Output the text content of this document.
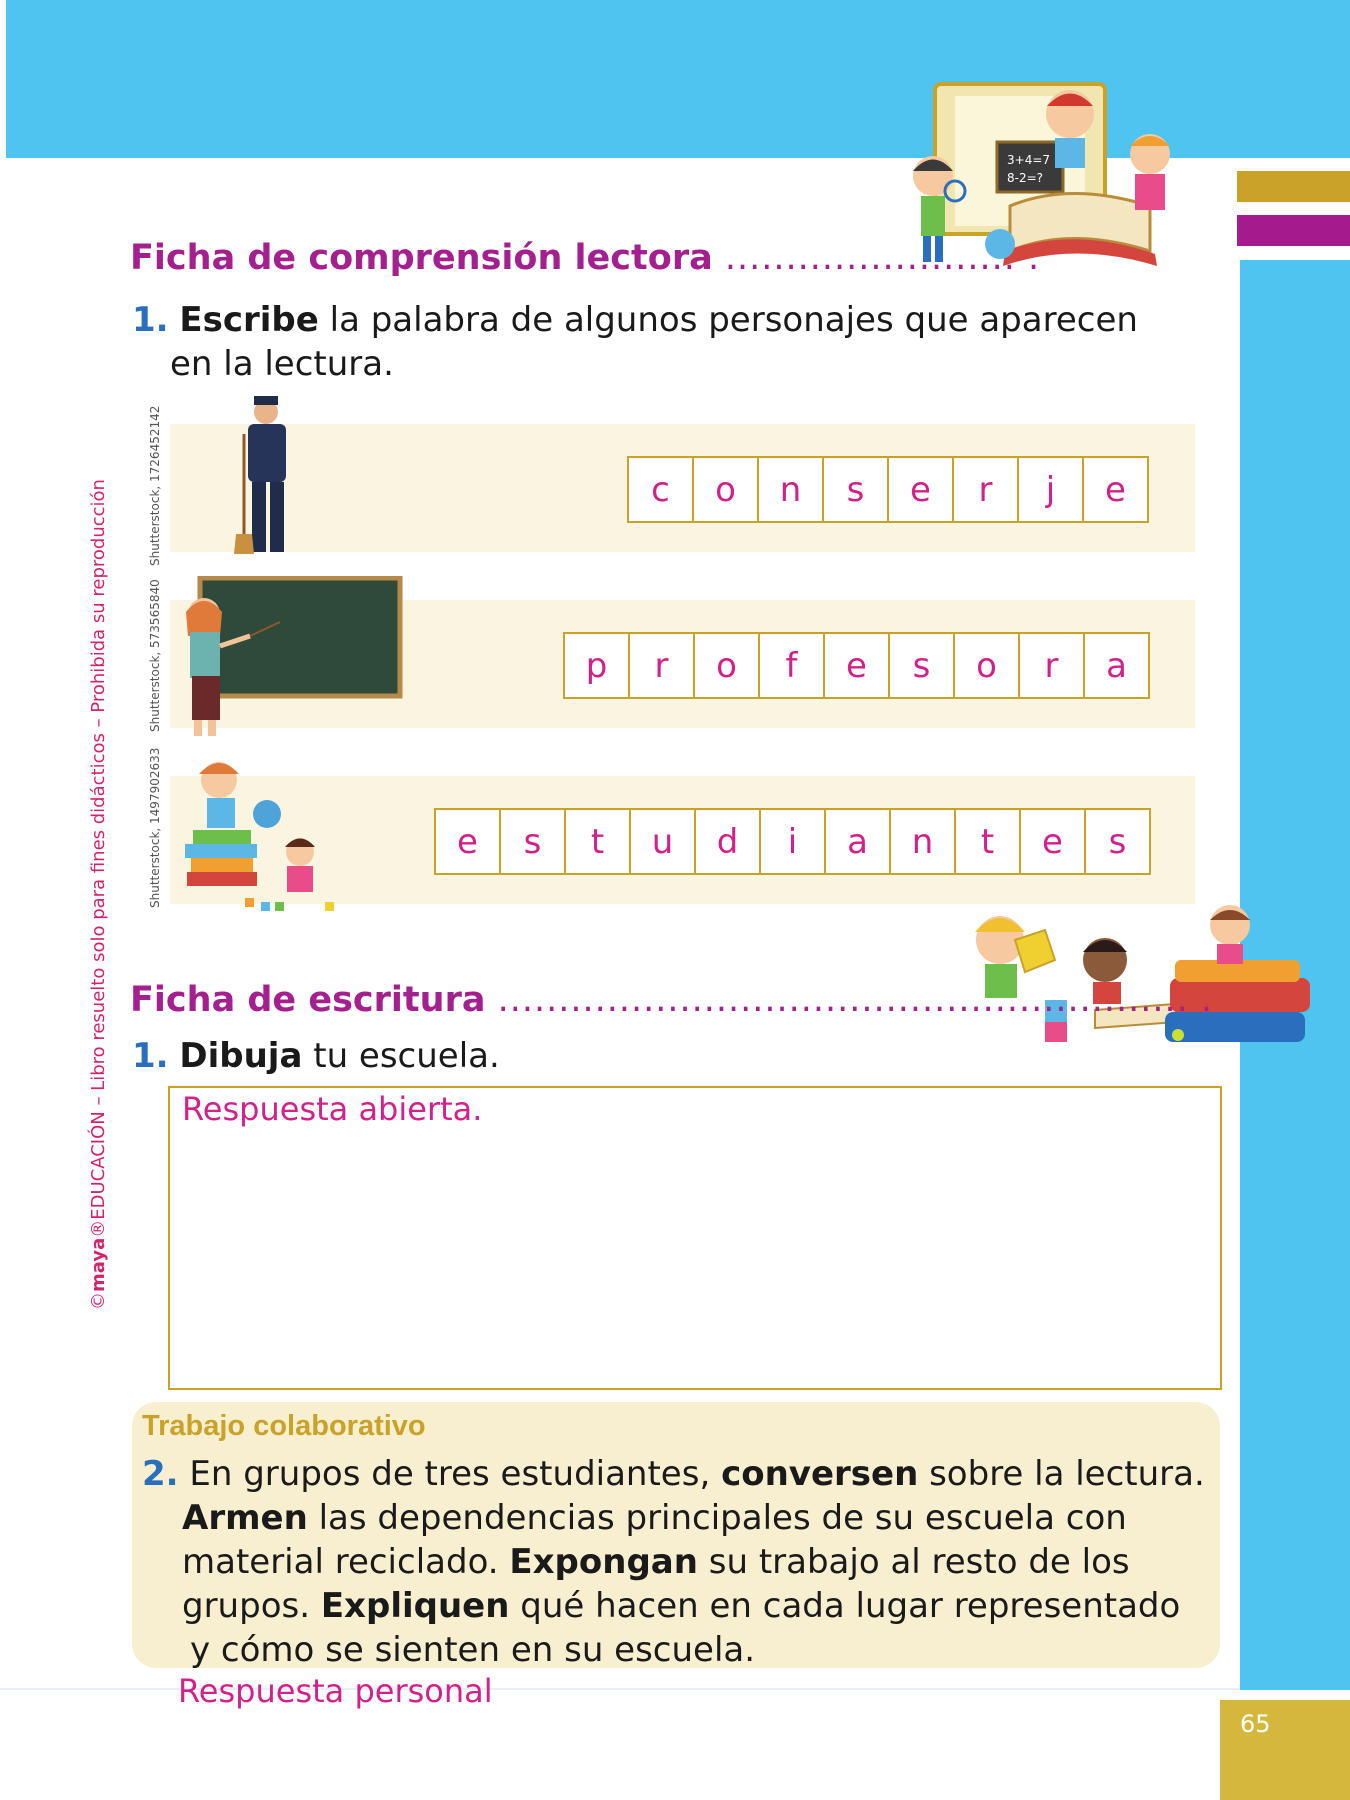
65
©maya®EDUCACIÓN – Libro resuelto solo para fines didácticos – Prohibida su reproducción
3+4=7
8-2=?
Ficha de comprensión lectora ........................ .
1. Escribe la palabra de algunos personajes que aparecen
en la lectura.
Shutterstock, 1726452142	c	o	n	s	e	r	j	e
Shutterstock, 573565840	p	r	o	f	e	s	o	r	a
Shutterstock, 1497902633	e	s	t	u	d	i	a	n	t	e	s
Ficha de escritura ......................................................... .
1. Dibuja tu escuela.
Respuesta abierta.
Trabajo colaborativo
2. En grupos de tres estudiantes, conversen sobre la lectura.
Armen las dependencias principales de su escuela con
material reciclado. Expongan su trabajo al resto de los
grupos. Expliquen qué hacen en cada lugar representado
y cómo se sienten en su escuela.
Respuesta personal
